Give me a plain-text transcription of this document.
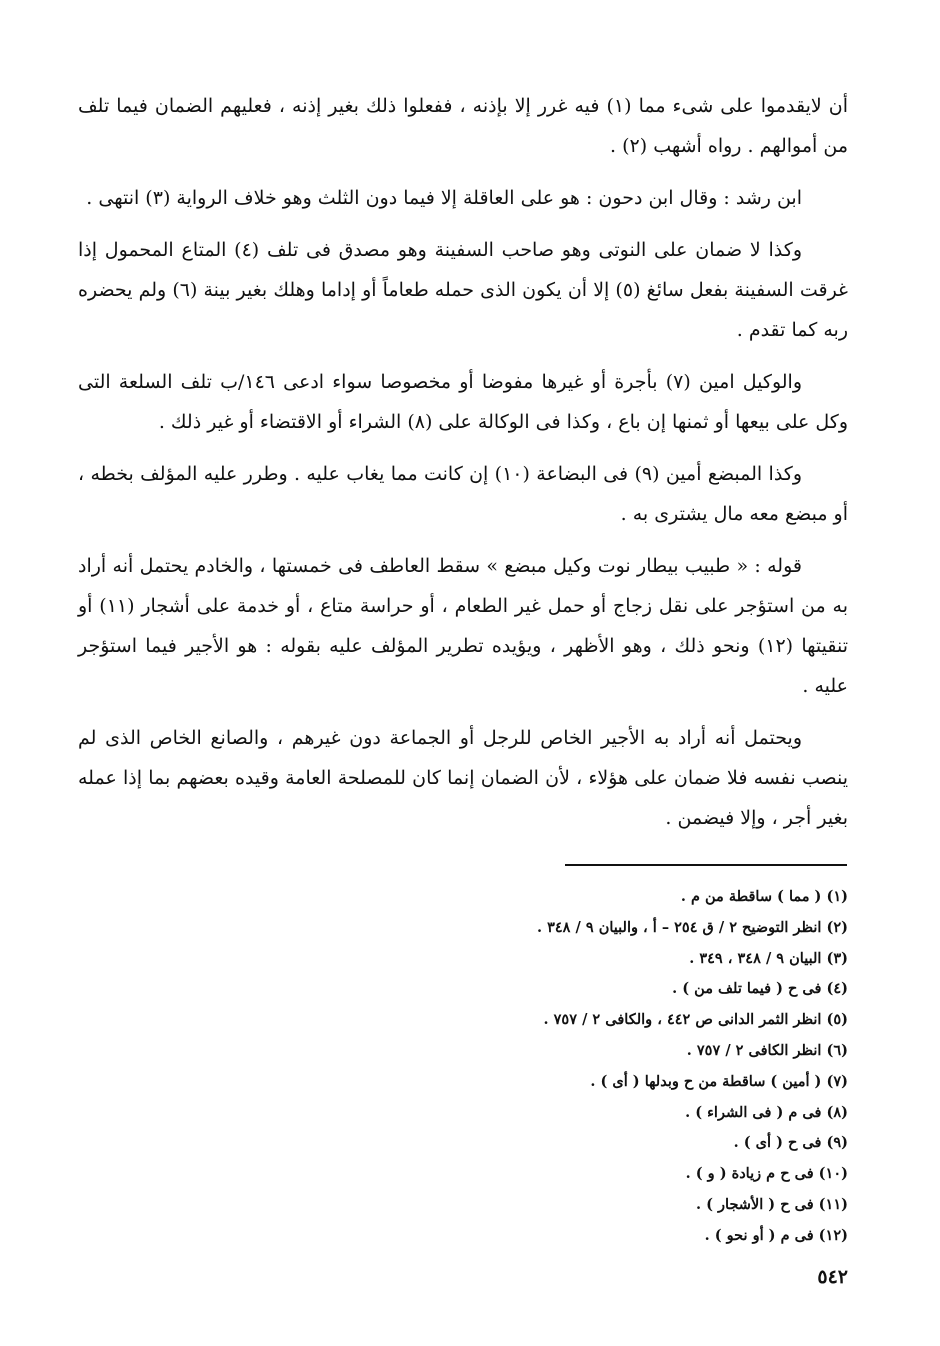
أن لايقدموا على شىء مما (١) فيه غرر إلا بإذنه ، ففعلوا ذلك بغير إذنه ، فعليهم الضمان فيما تلف من أموالهم . رواه أشهب (٢) .

ابن رشد : وقال ابن دحون : هو على العاقلة إلا فيما دون الثلث وهو خلاف الرواية (٣) انتهى .

وكذا لا ضمان على النوتى وهو صاحب السفينة وهو مصدق فى تلف (٤) المتاع المحمول إذا غرقت السفينة بفعل سائغ (٥) إلا أن يكون الذى حمله طعاماً أو إداما وهلك بغير بينة (٦) ولم يحضره ربه كما تقدم .

والوكيل امين (٧) بأجرة أو غيرها مفوضا أو مخصوصا سواء ادعى ١٤٦/ب تلف السلعة التى وكل على بيعها أو ثمنها إن باع ، وكذا فى الوكالة على (٨) الشراء أو الاقتضاء أو غير ذلك .

وكذا المبضع أمين (٩) فى البضاعة (١٠) إن كانت مما يغاب عليه . وطرر عليه المؤلف بخطه ، أو مبضع معه مال يشترى به .

قوله : « طبيب بيطار نوت وكيل مبضع » سقط العاطف فى خمستها ، والخادم يحتمل أنه أراد به من استؤجر على نقل زجاج أو حمل غير الطعام ، أو حراسة متاع ، أو خدمة على أشجار (١١) أو تنقيتها (١٢) ونحو ذلك ، وهو الأظهر ، ويؤيده تطرير المؤلف عليه بقوله : هو الأجير فيما استؤجر عليه .

ويحتمل أنه أراد به الأجير الخاص للرجل أو الجماعة دون غيرهم ، والصانع الخاص الذى لم ينصب نفسه فلا ضمان على هؤلاء ، لأن الضمان إنما كان للمصلحة العامة وقيده بعضهم بما إذا عمله بغير أجر ، وإلا فيضمن .

(١) ( مما ) ساقطة من م .
(٢) انظر التوضيح ٢ / ق ٢٥٤ – أ ، والبيان ٩ / ٣٤٨ .
(٣) البيان ٩ / ٣٤٨ ، ٣٤٩ .
(٤) فى ح ( فيما تلف من ) .
(٥) انظر الثمر الدانى ص ٤٤٢ ، والكافى ٢ / ٧٥٧ .
(٦) انظر الكافى ٢ / ٧٥٧ .
(٧) ( أمين ) ساقطة من ح وبدلها ( أى ) .
(٨) فى م ( فى الشراء ) .
(٩) فى ح ( أى ) .
(١٠) فى ح م زيادة ( و ) .
(١١) فى ح ( الأشجار ) .
(١٢) فى م ( أو نحو ) .
٥٤٢
